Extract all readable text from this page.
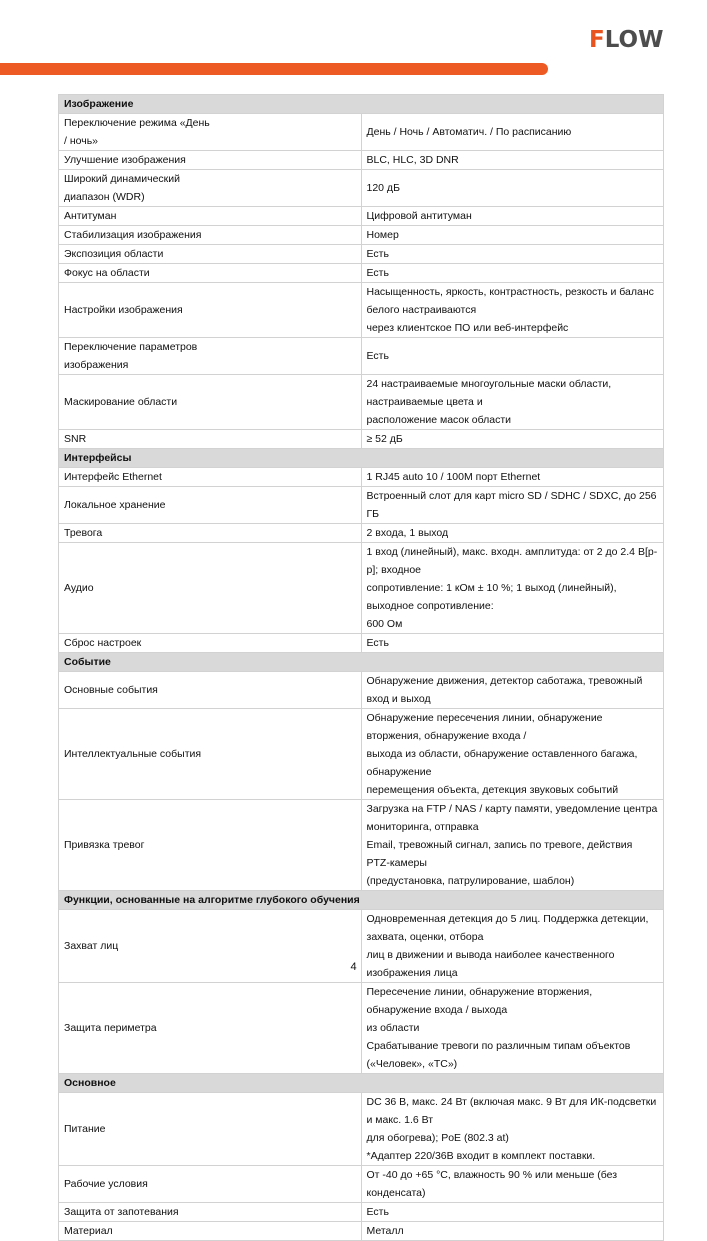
FLOW
Изображение	
Переключение режима «День
/ ночь»	День / Ночь / Автоматич. / По расписанию
Улучшение изображения	BLC, HLC, 3D DNR
Широкий динамический
диапазон (WDR)	120 дБ
Антитуман	Цифровой антитуман
Стабилизация изображения	Номер
Экспозиция области	Есть
Фокус на области	Есть
Настройки изображения	Насыщенность, яркость, контрастность, резкость и баланс белого настраиваются
через клиентское ПО или веб-интерфейс
Переключение параметров
изображения	Есть
Маскирование области	24 настраиваемые многоугольные маски области, настраиваемые цвета и
расположение масок области
SNR	≥ 52 дБ
Интерфейсы	
Интерфейс Ethernet	1 RJ45 auto 10 / 100M порт Ethernet
Локальное хранение	Встроенный слот для карт micro SD / SDHC / SDXC, до 256 ГБ
Тревога	2 входа, 1 выход
Аудио	1 вход (линейный), макс. входн. амплитуда: от 2 до 2.4 В[p-p]; входное
сопротивление: 1 кОм ± 10 %; 1 выход (линейный), выходное сопротивление:
600 Ом
Сброс настроек	Есть
Событие	
Основные события	Обнаружение движения, детектор саботажа, тревожный вход и выход
Интеллектуальные события	Обнаружение пересечения линии, обнаружение вторжения, обнаружение входа /
выхода из области, обнаружение оставленного багажа, обнаружение
перемещения объекта, детекция звуковых событий
Привязка тревог	Загрузка на FTP / NAS / карту памяти, уведомление центра мониторинга, отправка
Email, тревожный сигнал, запись по тревоге, действия PTZ-камеры
(предустановка, патрулирование, шаблон)
Функции, основанные на алгоритме глубокого обучения	
Захват лиц	Одновременная детекция до 5 лиц. Поддержка детекции, захвата, оценки, отбора
лиц в движении и вывода наиболее качественного изображения лица
Защита периметра	Пересечение линии, обнаружение вторжения, обнаружение входа / выхода
из области
Срабатывание тревоги по различным типам объектов («Человек», «ТС»)
Основное	
Питание	DC 36 В, макс. 24 Вт (включая макс. 9 Вт для ИК-подсветки и макс. 1.6 Вт
для обогрева); PoE (802.3 at)
*Адаптер 220/36В входит в комплект поставки.
Рабочие условия	От -40 до +65 °C, влажность 90 % или меньше (без конденсата)
Защита от запотевания	Есть
Материал	Металл
4
